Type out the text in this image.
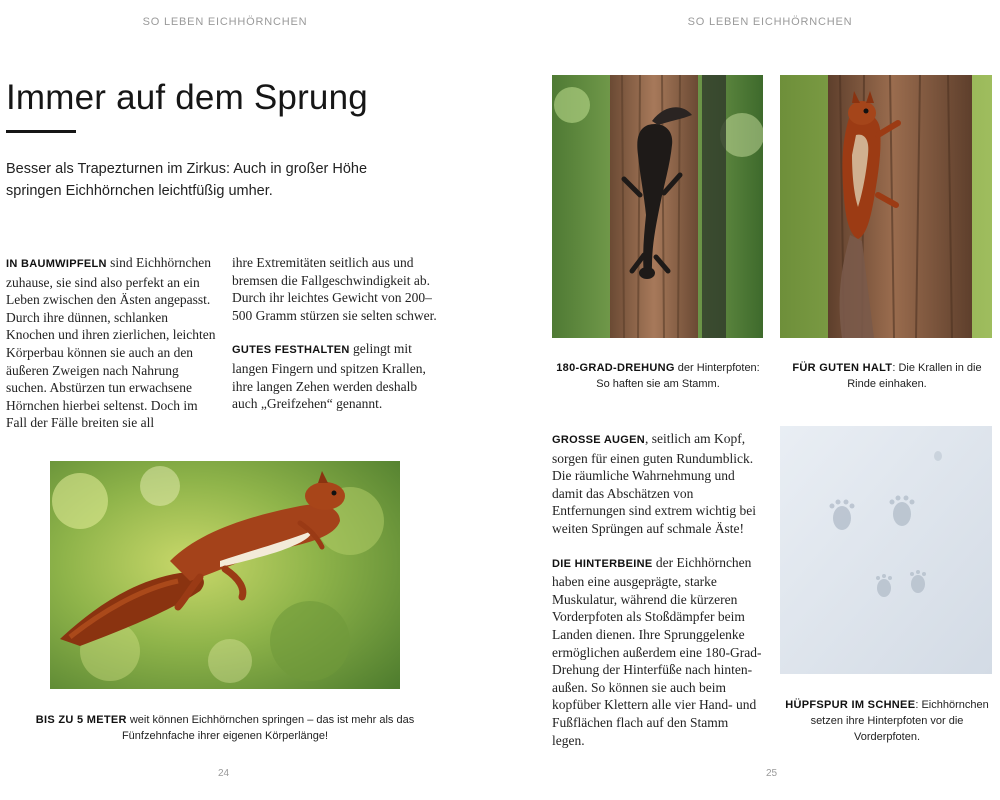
SO LEBEN EICHHÖRNCHEN
Immer auf dem Sprung

Besser als Trapezturnen im Zirkus: Auch in großer Höhe springen Eichhörnchen leichtfüßig umher.

IN BAUMWIPFELN sind Eichhörnchen zuhause, sie sind also perfekt an ein Leben zwischen den Ästen angepasst. Durch ihre dünnen, schlanken Knochen und ihren zierlichen, leichten Körperbau können sie auch an den äußeren Zweigen nach Nahrung suchen. Abstürzen tun erwachsene Hörnchen hierbei seltenst. Doch im Fall der Fälle breiten sie all

ihre Extremitäten seitlich aus und bremsen die Fallgeschwindigkeit ab. Durch ihr leichtes Gewicht von 200–500 Gramm stürzen sie selten schwer.

GUTES FESTHALTEN gelingt mit langen Fingern und spitzen Krallen, ihre langen Zehen werden deshalb auch „Greifzehen“ genannt.

BIS ZU 5 METER weit können Eichhörnchen springen – das ist mehr als das Fünfzehnfache ihrer eigenen Körperlänge!
24
SO LEBEN EICHHÖRNCHEN
180-GRAD-DREHUNG der Hinterpfoten: So haften sie am Stamm.
FÜR GUTEN HALT: Die Krallen in die Rinde einhaken.

GROSSE AUGEN, seitlich am Kopf, sorgen für einen guten Rundumblick. Die räumliche Wahrnehmung und damit das Abschätzen von Entfernungen sind extrem wichtig bei weiten Sprüngen auf schmale Äste!

DIE HINTERBEINE der Eichhörnchen haben eine ausgeprägte, starke Muskulatur, während die kürzeren Vorderpfoten als Stoßdämpfer beim Landen dienen. Ihre Sprunggelenke ermöglichen außerdem eine 180-Grad-Drehung der Hinterfüße nach hinten-außen. So können sie auch beim kopfüber Klettern alle vier Hand- und Fußflächen flach auf den Stamm legen.

HÜPFSPUR IM SCHNEE: Eichhörnchen setzen ihre Hinterpfoten vor die Vorderpfoten.
25
